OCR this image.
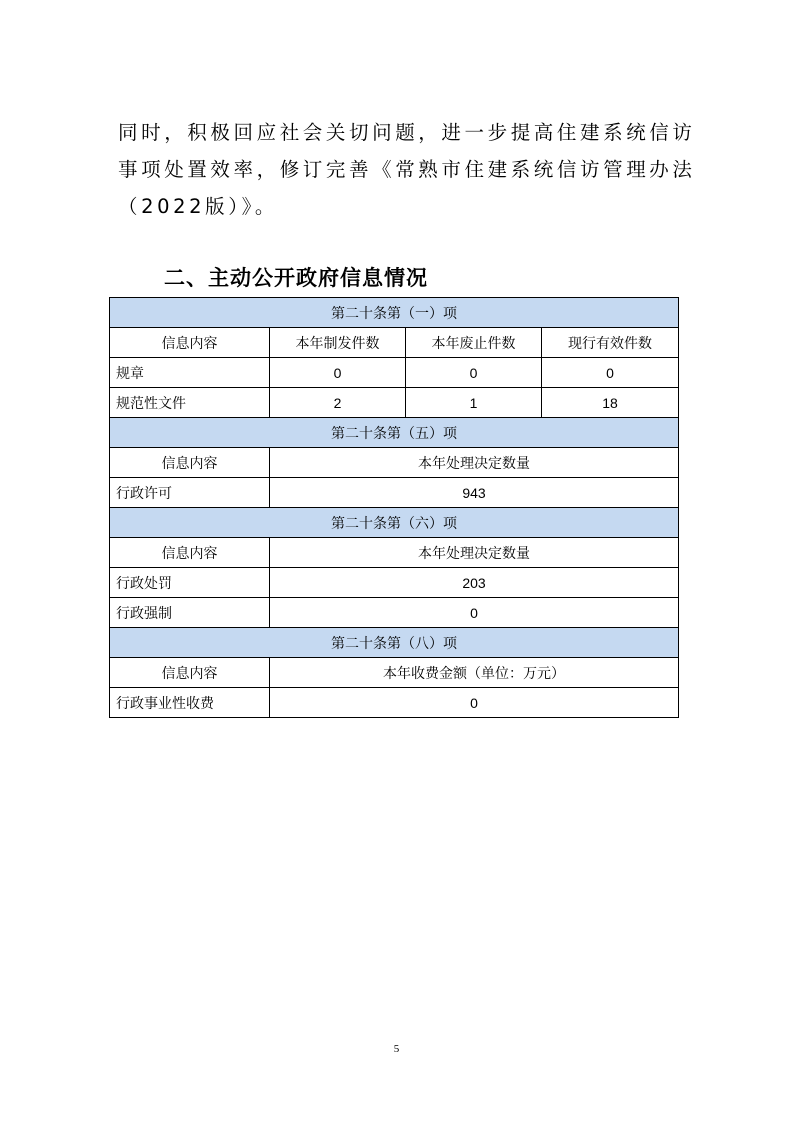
同时，积极回应社会关切问题，进一步提高住建系统信访

事项处置效率，修订完善《常熟市住建系统信访管理办法

（2022版）》。

二、主动公开政府信息情况
第二十条第（一）项			
信息内容	本年制发件数	本年废止件数	现行有效件数
规章	0	0	0
规范性文件	2	1	18
第二十条第（五）项			
信息内容	本年处理决定数量		
行政许可	943		
第二十条第（六）项			
信息内容	本年处理决定数量		
行政处罚	203		
行政强制	0		
第二十条第（八）项			
信息内容	本年收费金额（单位：万元）		
行政事业性收费	0		
5
